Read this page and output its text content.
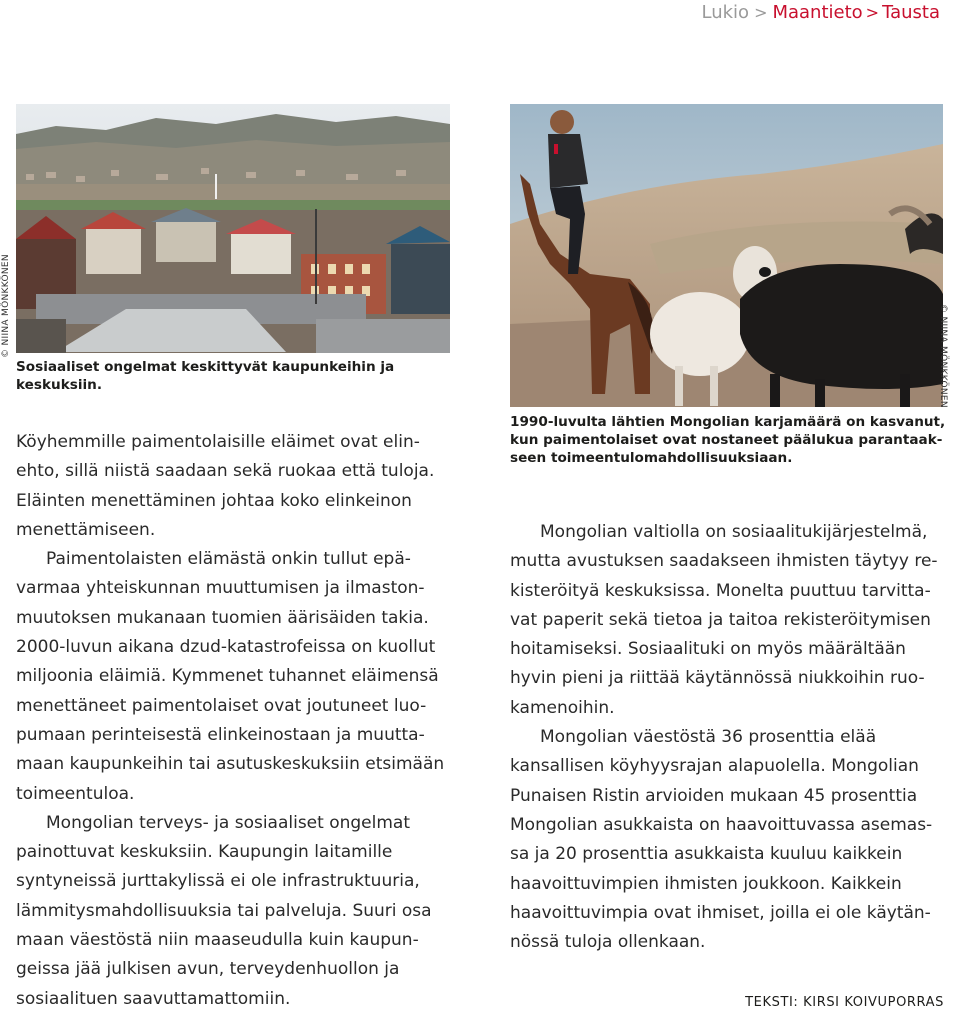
Lukio > Maantieto > Tausta
© NIINA MÖNKKÖNEN
Sosiaaliset ongelmat keskittyvät kaupunkeihin ja keskuksiin.	© NIINA MÖNKKÖNEN
1990-luvulta lähtien Mongolian karjamäärä on kasvanut,
kun paimentolaiset ovat nostaneet päälukua parantaak-
seen toimeentulomahdollisuuksiaan.
Köyhemmille paimentolaisille eläimet ovat elin-
ehto, sillä niistä saadaan sekä ruokaa että tuloja.
Eläinten menettäminen johtaa koko elinkeinon
menettämiseen.
Paimentolaisten elämästä onkin tullut epä-
varmaa yhteiskunnan muuttumisen ja ilmaston-
muutoksen mukanaan tuomien äärisäiden takia.
2000-luvun aikana dzud-katastrofeissa on kuollut
miljoonia eläimiä. Kymmenet tuhannet eläimensä
menettäneet paimentolaiset ovat joutuneet luo-
pumaan perinteisestä elinkeinostaan ja muutta-
maan kaupunkeihin tai asutuskeskuksiin etsimään
toimeentuloa.
Mongolian terveys- ja sosiaaliset ongelmat
painottuvat keskuksiin. Kaupungin laitamille
syntyneissä jurttakylissä ei ole infrastruktuuria,
lämmitysmahdollisuuksia tai palveluja. Suuri osa
maan väestöstä niin maaseudulla kuin kaupun-
geissa jää julkisen avun, terveydenhuollon ja
sosiaalituen saavuttamattomiin.
Mongolian valtiolla on sosiaalitukijärjestelmä,
mutta avustuksen saadakseen ihmisten täytyy re-
kisteröityä keskuksissa. Monelta puuttuu tarvitta-
vat paperit sekä tietoa ja taitoa rekisteröitymisen
hoitamiseksi. Sosiaalituki on myös määrältään
hyvin pieni ja riittää käytännössä niukkoihin ruo-
kamenoihin.
Mongolian väestöstä 36 prosenttia elää
kansallisen köyhyysrajan alapuolella. Mongolian
Punaisen Ristin arvioiden mukaan 45 prosenttia
Mongolian asukkaista on haavoittuvassa asemas-
sa ja 20 prosenttia asukkaista kuuluu kaikkein
haavoittuvimpien ihmisten joukkoon. Kaikkein
haavoittuvimpia ovat ihmiset, joilla ei ole käytän-
nössä tuloja ollenkaan.
TEKSTI: KIRSI KOIVUPORRAS
